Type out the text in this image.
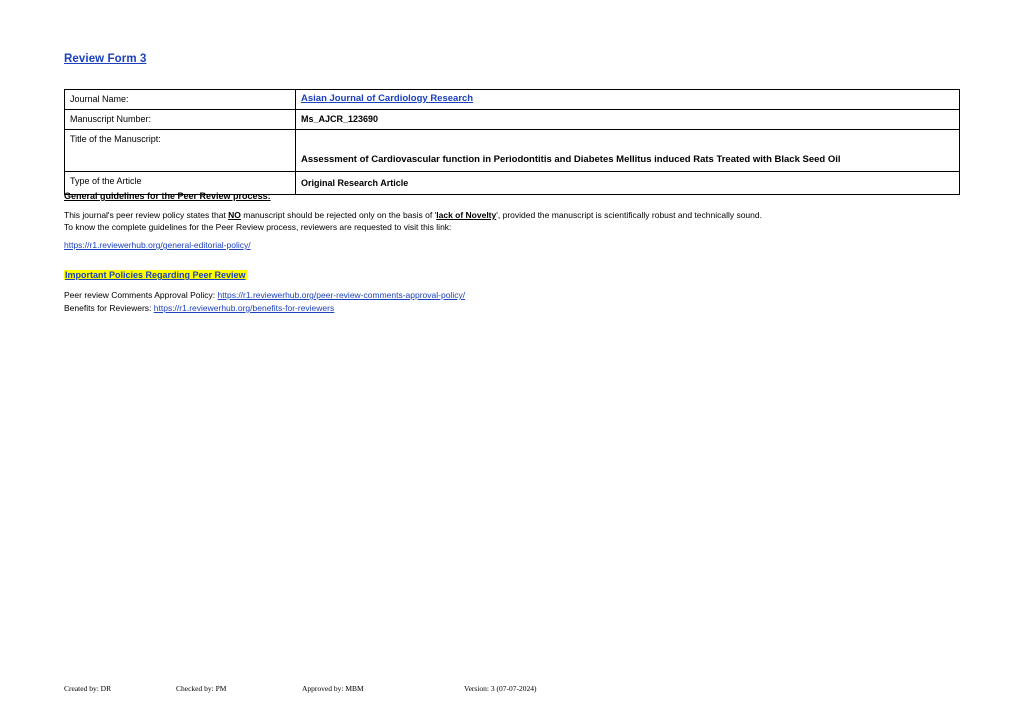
Review Form 3
Journal Name:	Asian Journal of Cardiology Research
Manuscript Number:	Ms_AJCR_123690
Title of the Manuscript:	Assessment of Cardiovascular function in Periodontitis and Diabetes Mellitus induced Rats Treated with Black Seed Oil
Type of the Article	Original Research Article
General guidelines for the Peer Review process:
This journal's peer review policy states that NO manuscript should be rejected only on the basis of 'lack of Novelty', provided the manuscript is scientifically robust and technically sound.
To know the complete guidelines for the Peer Review process, reviewers are requested to visit this link:
https://r1.reviewerhub.org/general-editorial-policy/
Important Policies Regarding Peer Review
Peer review Comments Approval Policy: https://r1.reviewerhub.org/peer-review-comments-approval-policy/
Benefits for Reviewers: https://r1.reviewerhub.org/benefits-for-reviewers
Created by: DR	Checked by: PM	Approved by: MBM	Version: 3 (07-07-2024)
